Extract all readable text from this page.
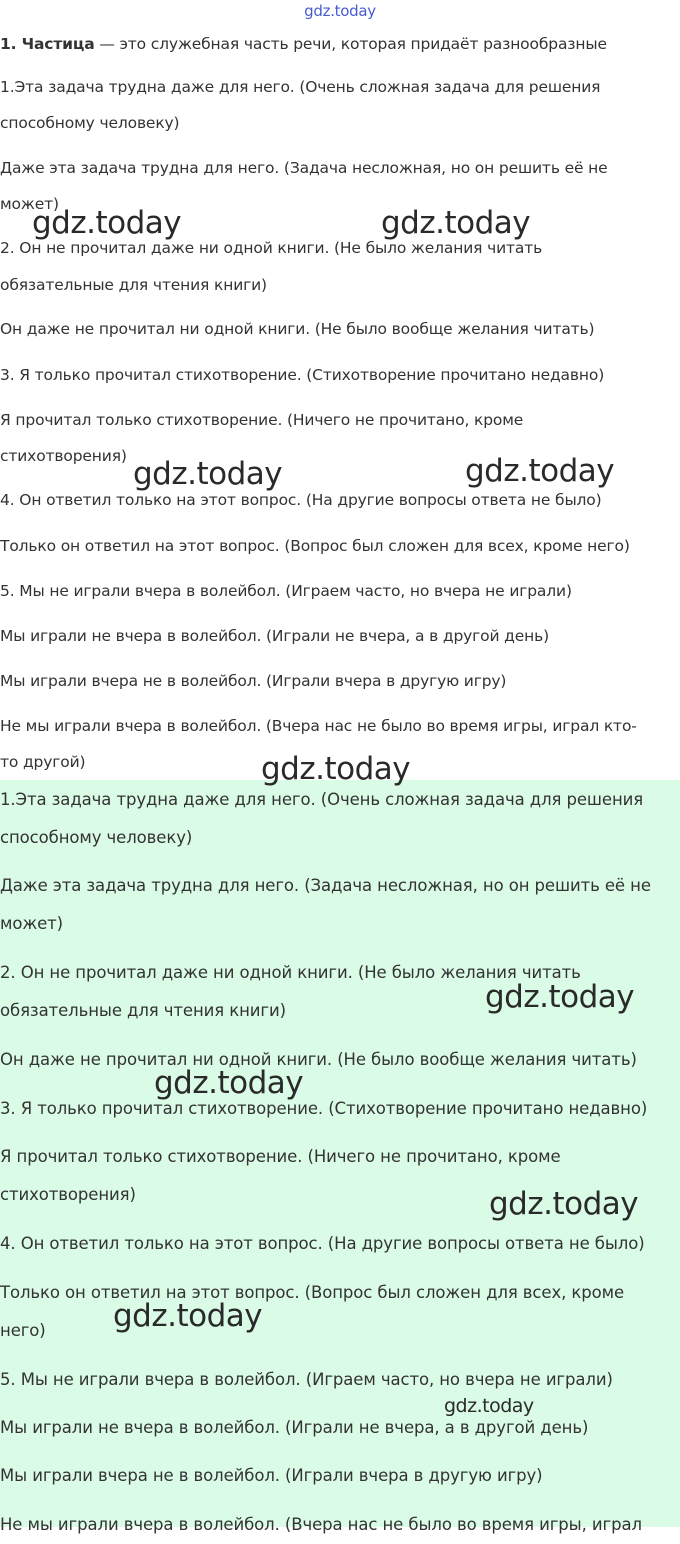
gdz.today

1. Частица — это служебная часть речи, которая придаёт разнообразные

1.Эта задача трудна даже для него. (Очень сложная задача для решения

способному человеку)

Даже эта задача трудна для него. (Задача несложная, но он решить её не

может)

2. Он не прочитал даже ни одной книги. (Не было желания читать

обязательные для чтения книги)

Он даже не прочитал ни одной книги. (Не было вообще желания читать)

3. Я только прочитал стихотворение. (Стихотворение прочитано недавно)

Я прочитал только стихотворение. (Ничего не прочитано, кроме

стихотворения)

4. Он ответил только на этот вопрос. (На другие вопросы ответа не было)

Только он ответил на этот вопрос. (Вопрос был сложен для всех, кроме него)

5. Мы не играли вчера в волейбол. (Играем часто, но вчера не играли)

Мы играли не вчера в волейбол. (Играли не вчера, а в другой день)

Мы играли вчера не в волейбол. (Играли вчера в другую игру)

Не мы играли вчера в волейбол. (Вчера нас не было во время игры, играл кто-

то другой)

1.Эта задача трудна даже для него. (Очень сложная задача для решения

способному человеку)

Даже эта задача трудна для него. (Задача несложная, но он решить её не

может)

2. Он не прочитал даже ни одной книги. (Не было желания читать

обязательные для чтения книги)

Он даже не прочитал ни одной книги. (Не было вообще желания читать)

3. Я только прочитал стихотворение. (Стихотворение прочитано недавно)

Я прочитал только стихотворение. (Ничего не прочитано, кроме

стихотворения)

4. Он ответил только на этот вопрос. (На другие вопросы ответа не было)

Только он ответил на этот вопрос. (Вопрос был сложен для всех, кроме

него)

5. Мы не играли вчера в волейбол. (Играем часто, но вчера не играли)

Мы играли не вчера в волейбол. (Играли не вчера, а в другой день)

Мы играли вчера не в волейбол. (Играли вчера в другую игру)

Не мы играли вчера в волейбол. (Вчера нас не было во время игры, играл

gdz.today	gdz.today
gdz.today	gdz.today
gdz.today
gdz.today
gdz.today
gdz.today
gdz.today
gdz.today
